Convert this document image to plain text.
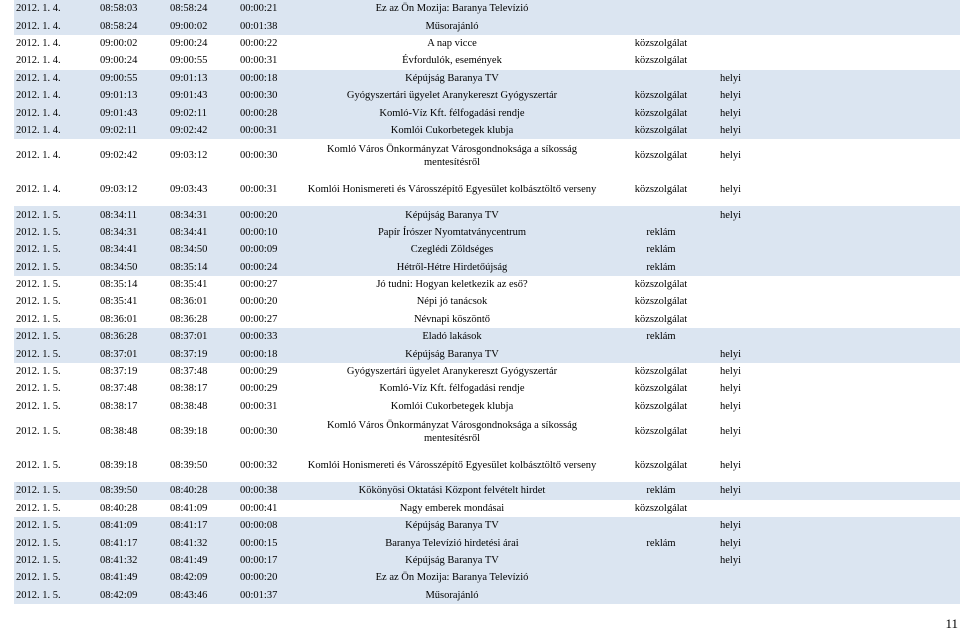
2012. 1. 4.	08:58:03	08:58:24	00:00:21	Ez az Ön Mozija: Baranya Televízió		
2012. 1. 4.	08:58:24	09:00:02	00:01:38	Műsorajánló		
2012. 1. 4.	09:00:02	09:00:24	00:00:22	A nap vicce	közszolgálat	
2012. 1. 4.	09:00:24	09:00:55	00:00:31	Évfordulók, események	közszolgálat	
2012. 1. 4.	09:00:55	09:01:13	00:00:18	Képújság Baranya TV		helyi
2012. 1. 4.	09:01:13	09:01:43	00:00:30	Gyógyszertári ügyelet Aranykereszt Gyógyszertár	közszolgálat	helyi
2012. 1. 4.	09:01:43	09:02:11	00:00:28	Komló-Víz Kft. félfogadási rendje	közszolgálat	helyi
2012. 1. 4.	09:02:11	09:02:42	00:00:31	Komlói Cukorbetegek klubja	közszolgálat	helyi
2012. 1. 4.	09:02:42	09:03:12	00:00:30	Komló Város Önkormányzat Városgondnoksága a síkosság mentesítésről	közszolgálat	helyi
2012. 1. 4.	09:03:12	09:03:43	00:00:31	Komlói Honismereti és Városszépítő Egyesület kolbásztöltő verseny	közszolgálat	helyi
2012. 1. 5.	08:34:11	08:34:31	00:00:20	Képújság Baranya TV		helyi
2012. 1. 5.	08:34:31	08:34:41	00:00:10	Papír Írószer Nyomtatványcentrum	reklám	
2012. 1. 5.	08:34:41	08:34:50	00:00:09	Czeglédi Zöldséges	reklám	
2012. 1. 5.	08:34:50	08:35:14	00:00:24	Hétről-Hétre Hirdetőújság	reklám	
2012. 1. 5.	08:35:14	08:35:41	00:00:27	Jó tudni: Hogyan keletkezik az eső?	közszolgálat	
2012. 1. 5.	08:35:41	08:36:01	00:00:20	Népi jó tanácsok	közszolgálat	
2012. 1. 5.	08:36:01	08:36:28	00:00:27	Névnapi köszöntő	közszolgálat	
2012. 1. 5.	08:36:28	08:37:01	00:00:33	Eladó lakások	reklám	
2012. 1. 5.	08:37:01	08:37:19	00:00:18	Képújság Baranya TV		helyi
2012. 1. 5.	08:37:19	08:37:48	00:00:29	Gyógyszertári ügyelet Aranykereszt Gyógyszertár	közszolgálat	helyi
2012. 1. 5.	08:37:48	08:38:17	00:00:29	Komló-Víz Kft. félfogadási rendje	közszolgálat	helyi
2012. 1. 5.	08:38:17	08:38:48	00:00:31	Komlói Cukorbetegek klubja	közszolgálat	helyi
2012. 1. 5.	08:38:48	08:39:18	00:00:30	Komló Város Önkormányzat Városgondnoksága a síkosság mentesítésről	közszolgálat	helyi
2012. 1. 5.	08:39:18	08:39:50	00:00:32	Komlói Honismereti és Városszépítő Egyesület kolbásztöltő verseny	közszolgálat	helyi
2012. 1. 5.	08:39:50	08:40:28	00:00:38	Kökönyösi Oktatási Központ felvételt hirdet	reklám	helyi
2012. 1. 5.	08:40:28	08:41:09	00:00:41	Nagy emberek mondásai	közszolgálat	
2012. 1. 5.	08:41:09	08:41:17	00:00:08	Képújság Baranya TV		helyi
2012. 1. 5.	08:41:17	08:41:32	00:00:15	Baranya Televízió hirdetési árai	reklám	helyi
2012. 1. 5.	08:41:32	08:41:49	00:00:17	Képújság Baranya TV		helyi
2012. 1. 5.	08:41:49	08:42:09	00:00:20	Ez az Ön Mozija: Baranya Televízió		
2012. 1. 5.	08:42:09	08:43:46	00:01:37	Műsorajánló		
11
